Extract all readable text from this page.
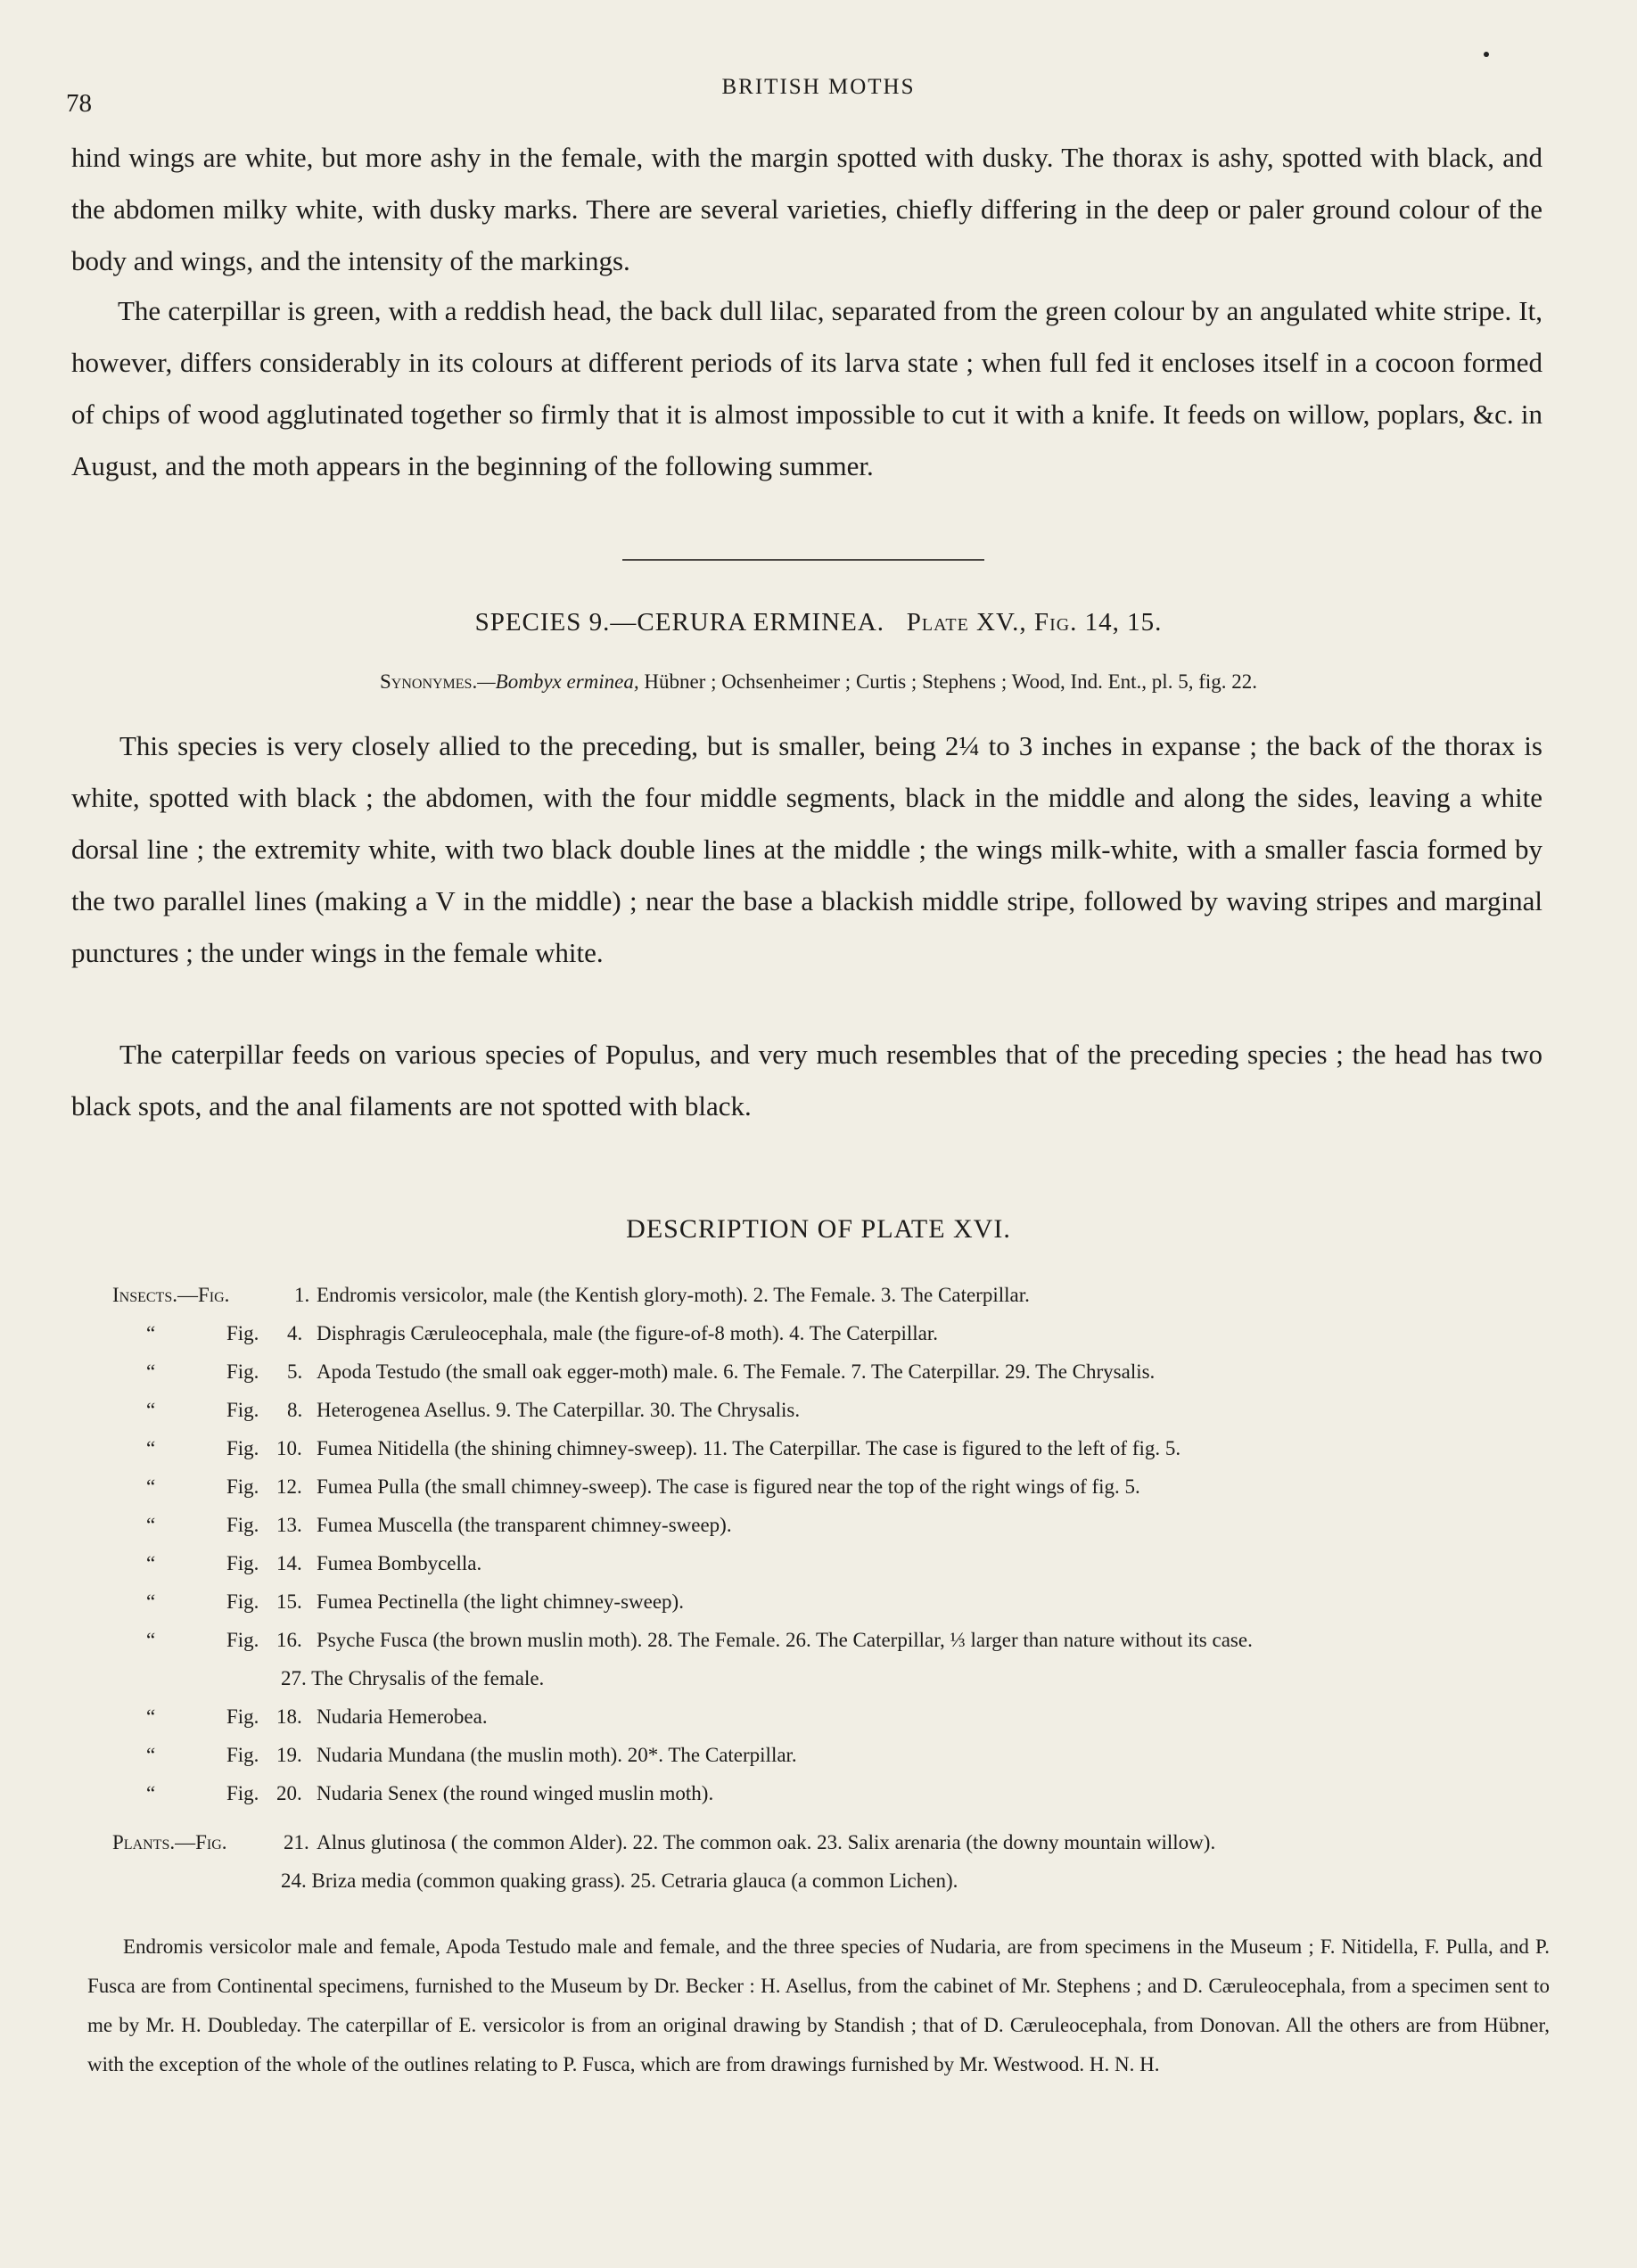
78
BRITISH MOTHS
hind wings are white, but more ashy in the female, with the margin spotted with dusky. The thorax is ashy, spotted with black, and the abdomen milky white, with dusky marks. There are several varieties, chiefly differing in the deep or paler ground colour of the body and wings, and the intensity of the markings.
The caterpillar is green, with a reddish head, the back dull lilac, separated from the green colour by an angulated white stripe. It, however, differs considerably in its colours at different periods of its larva state ; when full fed it encloses itself in a cocoon formed of chips of wood agglutinated together so firmly that it is almost impossible to cut it with a knife. It feeds on willow, poplars, &c. in August, and the moth appears in the beginning of the following summer.
SPECIES 9.—CERURA ERMINEA. Plate XV., Fig. 14, 15.
Synonymes.—Bombyx erminea, Hübner ; Ochsenheimer ; Curtis ; Stephens ; Wood, Ind. Ent., pl. 5, fig. 22.
This species is very closely allied to the preceding, but is smaller, being 2¼ to 3 inches in expanse ; the back of the thorax is white, spotted with black ; the abdomen, with the four middle segments, black in the middle and along the sides, leaving a white dorsal line ; the extremity white, with two black double lines at the middle ; the wings milk-white, with a smaller fascia formed by the two parallel lines (making a V in the middle) ; near the base a blackish middle stripe, followed by waving stripes and marginal punctures ; the under wings in the female white.
The caterpillar feeds on various species of Populus, and very much resembles that of the preceding species ; the head has two black spots, and the anal filaments are not spotted with black.
DESCRIPTION OF PLATE XVI.
Insects.—Fig.	1. Endromis versicolor, male (the Kentish glory-moth). 2. The Female. 3. The Caterpillar.
“	Fig. 4. Disphragis Cæruleocephala, male (the figure-of-8 moth). 4. The Caterpillar.
“	Fig. 5. Apoda Testudo (the small oak egger-moth) male. 6. The Female. 7. The Caterpillar. 29. The Chrysalis.
“	Fig. 8. Heterogenea Asellus. 9. The Caterpillar. 30. The Chrysalis.
“	Fig. 10. Fumea Nitidella (the shining chimney-sweep). 11. The Caterpillar. The case is figured to the left of fig. 5.
“	Fig. 12. Fumea Pulla (the small chimney-sweep). The case is figured near the top of the right wings of fig. 5.
“	Fig. 13. Fumea Muscella (the transparent chimney-sweep).
“	Fig. 14. Fumea Bombycella.
“	Fig. 15. Fumea Pectinella (the light chimney-sweep).
“	Fig. 16. Psyche Fusca (the brown muslin moth). 28. The Female. 26. The Caterpillar, ⅓ larger than nature without its case.
27. The Chrysalis of the female.
“	Fig. 18. Nudaria Hemerobea.
“	Fig. 19. Nudaria Mundana (the muslin moth). 20*. The Caterpillar.
“	Fig. 20. Nudaria Senex (the round winged muslin moth).
Plants.—Fig.	21. Alnus glutinosa ( the common Alder). 22. The common oak. 23. Salix arenaria (the downy mountain willow).
24. Briza media (common quaking grass). 25. Cetraria glauca (a common Lichen).
Endromis versicolor male and female, Apoda Testudo male and female, and the three species of Nudaria, are from specimens in the Museum ; F. Nitidella, F. Pulla, and P. Fusca are from Continental specimens, furnished to the Museum by Dr. Becker : H. Asellus, from the cabinet of Mr. Stephens ; and D. Cæruleocephala, from a specimen sent to me by Mr. H. Doubleday. The caterpillar of E. versicolor is from an original drawing by Standish ; that of D. Cæruleocephala, from Donovan. All the others are from Hübner, with the exception of the whole of the outlines relating to P. Fusca, which are from drawings furnished by Mr. Westwood. H. N. H.
